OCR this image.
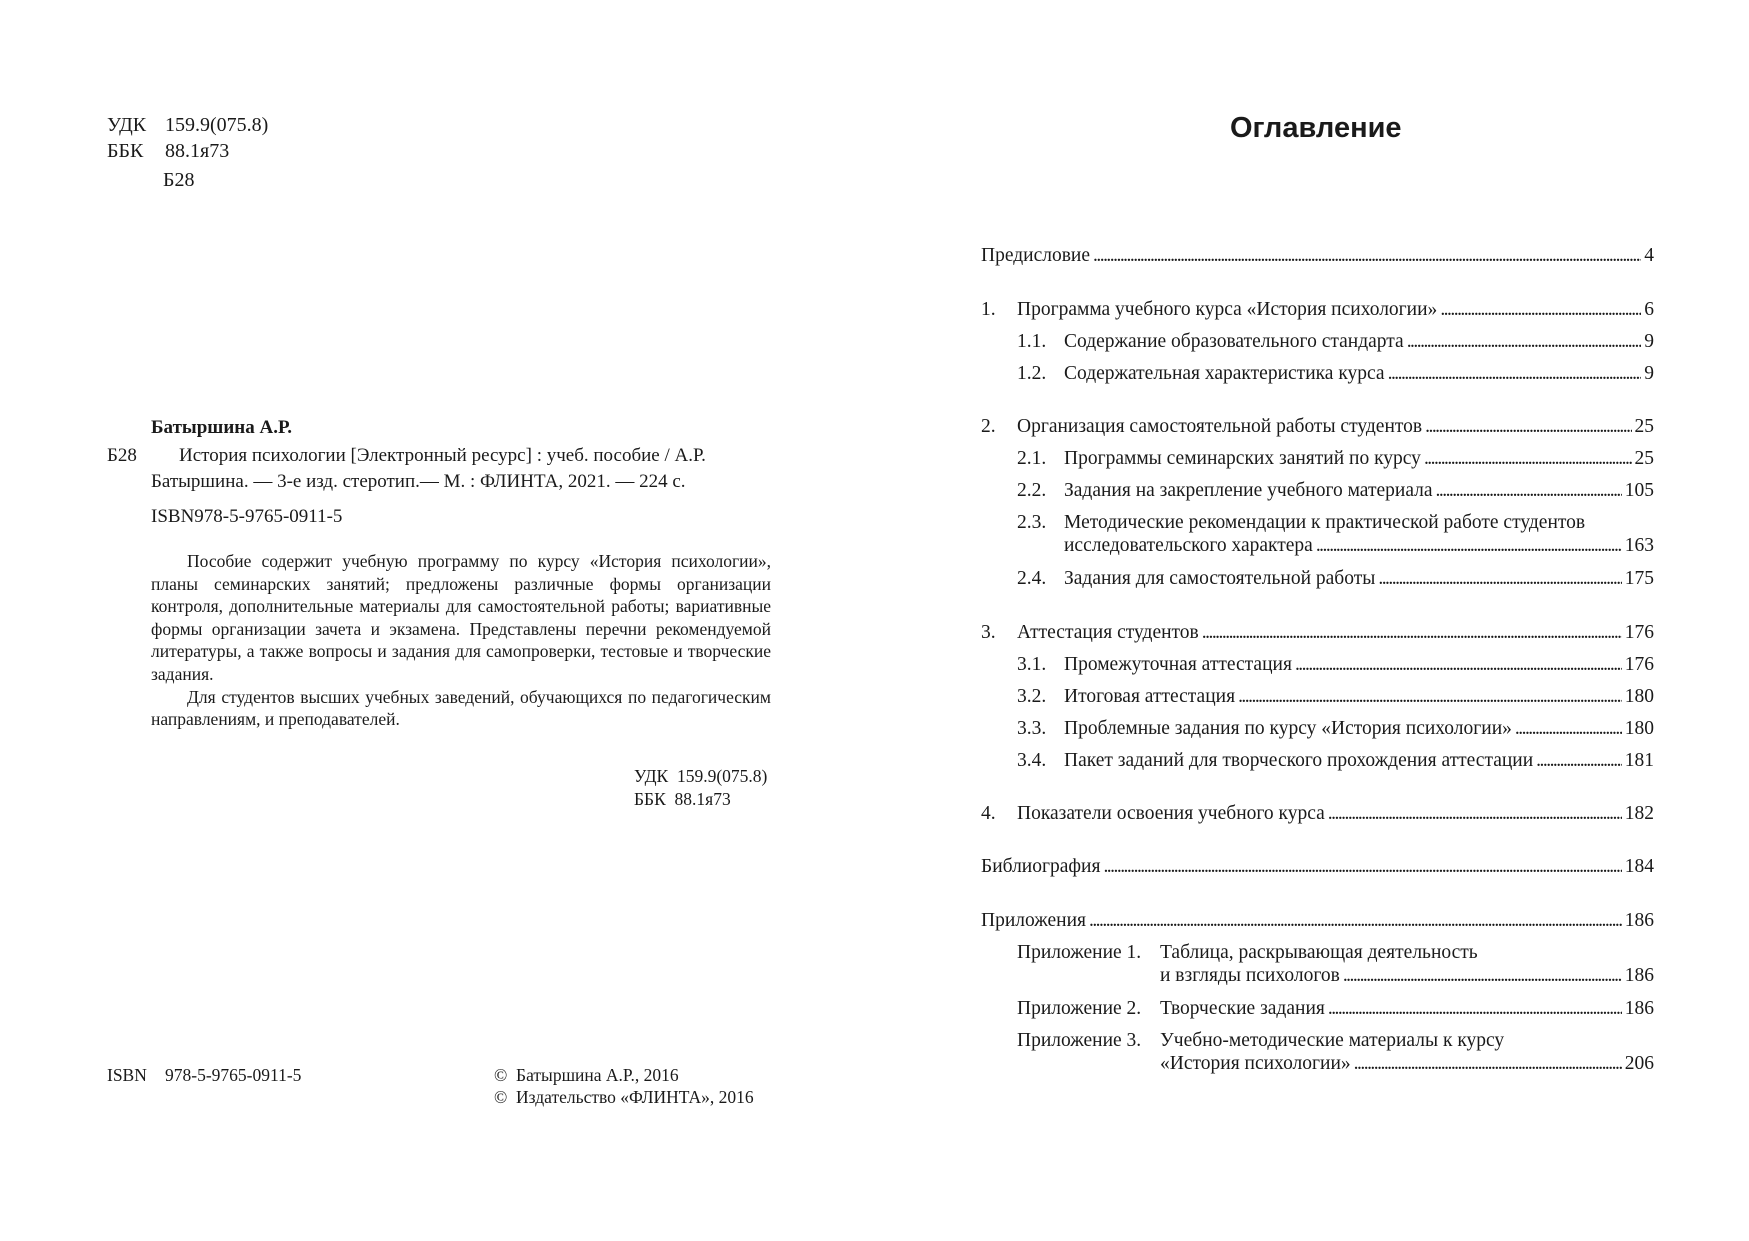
УДК 159.9(075.8)
ББК 88.1я73
Б28
Батыршина А.Р.
Б28 История психологии [Электронный ресурс] : учеб. пособие / А.Р.
Батыршина. — 3-е изд. стеротип.— М. : ФЛИНТА, 2021. — 224 с.
ISBN978-5-9765-0911-5

Пособие содержит учебную программу по курсу «История психологии», планы семинарских занятий; предложены различные формы организации контроля, дополнительные материалы для самостоятельной работы; вариативные формы организации зачета и экзамена. Представлены перечни рекомендуемой литературы, а также вопросы и задания для самопроверки, тестовые и творческие задания.

Для студентов высших учебных заведений, обучающихся по педагогическим направлениям, и преподавателей.

УДК  159.9(075.8)
ББК  88.1я73
ISBN 978-5-9765-0911-5	©  Батыршина А.Р., 2016
©  Издательство «ФЛИНТА», 2016
Оглавление
Предисловие . . .	4
1.	Программа учебного курса «История психологии» . . .	6
1.1. Содержание образовательного стандарта . . .	9
1.2. Содержательная характеристика курса . . .	9
2.	Организация самостоятельной работы студентов . . .	25
2.1. Программы семинарских занятий по курсу . . .	25
2.2. Задания на закрепление учебного материала . . .	105
2.3. Методические рекомендации к практической работе студентов
исследовательского характера . . .	163
2.4. Задания для самостоятельной работы . . .	175
3.	Аттестация студентов . . .	176
3.1. Промежуточная аттестация . . .	176
3.2. Итоговая аттестация . . .	180
3.3. Проблемные задания по курсу «История психологии» . . .	180
3.4. Пакет заданий для творческого прохождения аттестации . . .	181
4.	Показатели освоения учебного курса . . .	182
Библиография . . .	184
Приложения . . .	186
Приложение 1. Таблица, раскрывающая деятельность
и взгляды психологов . . .	186
Приложение 2. Творческие задания . . .	186
Приложение 3. Учебно-методические материалы к курсу
«История психологии» . . .	206
